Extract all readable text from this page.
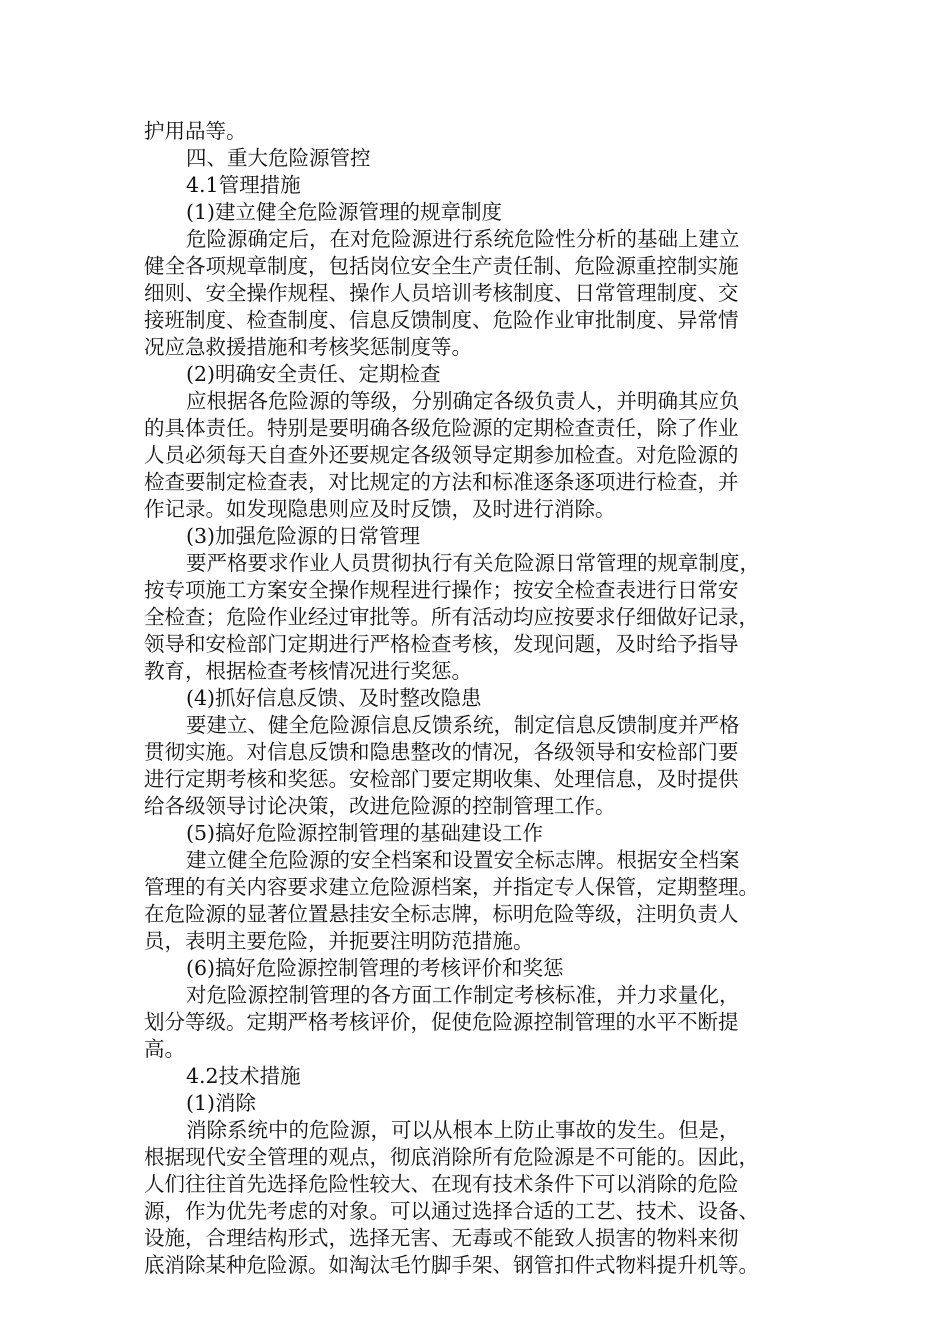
护用品等。
四、重大危险源管控
4.1管理措施
(1)建立健全危险源管理的规章制度
危险源确定后，在对危险源进行系统危险性分析的基础上建立
健全各项规章制度，包括岗位安全生产责任制、危险源重控制实施
细则、安全操作规程、操作人员培训考核制度、日常管理制度、交
接班制度、检查制度、信息反馈制度、危险作业审批制度、异常情
况应急救援措施和考核奖惩制度等。
(2)明确安全责任、定期检查
应根据各危险源的等级，分别确定各级负责人，并明确其应负
的具体责任。特别是要明确各级危险源的定期检查责任，除了作业
人员必须每天自查外还要规定各级领导定期参加检查。对危险源的
检查要制定检查表，对比规定的方法和标准逐条逐项进行检查，并
作记录。如发现隐患则应及时反馈，及时进行消除。
(3)加强危险源的日常管理
要严格要求作业人员贯彻执行有关危险源日常管理的规章制度，
按专项施工方案安全操作规程进行操作；按安全检查表进行日常安
全检查；危险作业经过审批等。所有活动均应按要求仔细做好记录，
领导和安检部门定期进行严格检查考核，发现问题，及时给予指导
教育，根据检查考核情况进行奖惩。
(4)抓好信息反馈、及时整改隐患
要建立、健全危险源信息反馈系统，制定信息反馈制度并严格
贯彻实施。对信息反馈和隐患整改的情况，各级领导和安检部门要
进行定期考核和奖惩。安检部门要定期收集、处理信息，及时提供
给各级领导讨论决策，改进危险源的控制管理工作。
(5)搞好危险源控制管理的基础建设工作
建立健全危险源的安全档案和设置安全标志牌。根据安全档案
管理的有关内容要求建立危险源档案，并指定专人保管，定期整理。
在危险源的显著位置悬挂安全标志牌，标明危险等级，注明负责人
员，表明主要危险，并扼要注明防范措施。
(6)搞好危险源控制管理的考核评价和奖惩
对危险源控制管理的各方面工作制定考核标准，并力求量化，
划分等级。定期严格考核评价，促使危险源控制管理的水平不断提
高。
4.2技术措施
(1)消除
消除系统中的危险源，可以从根本上防止事故的发生。但是，
根据现代安全管理的观点，彻底消除所有危险源是不可能的。因此，
人们往往首先选择危险性较大、在现有技术条件下可以消除的危险
源，作为优先考虑的对象。可以通过选择合适的工艺、技术、设备、
设施，合理结构形式，选择无害、无毒或不能致人损害的物料来彻
底消除某种危险源。如淘汰毛竹脚手架、钢管扣件式物料提升机等。
